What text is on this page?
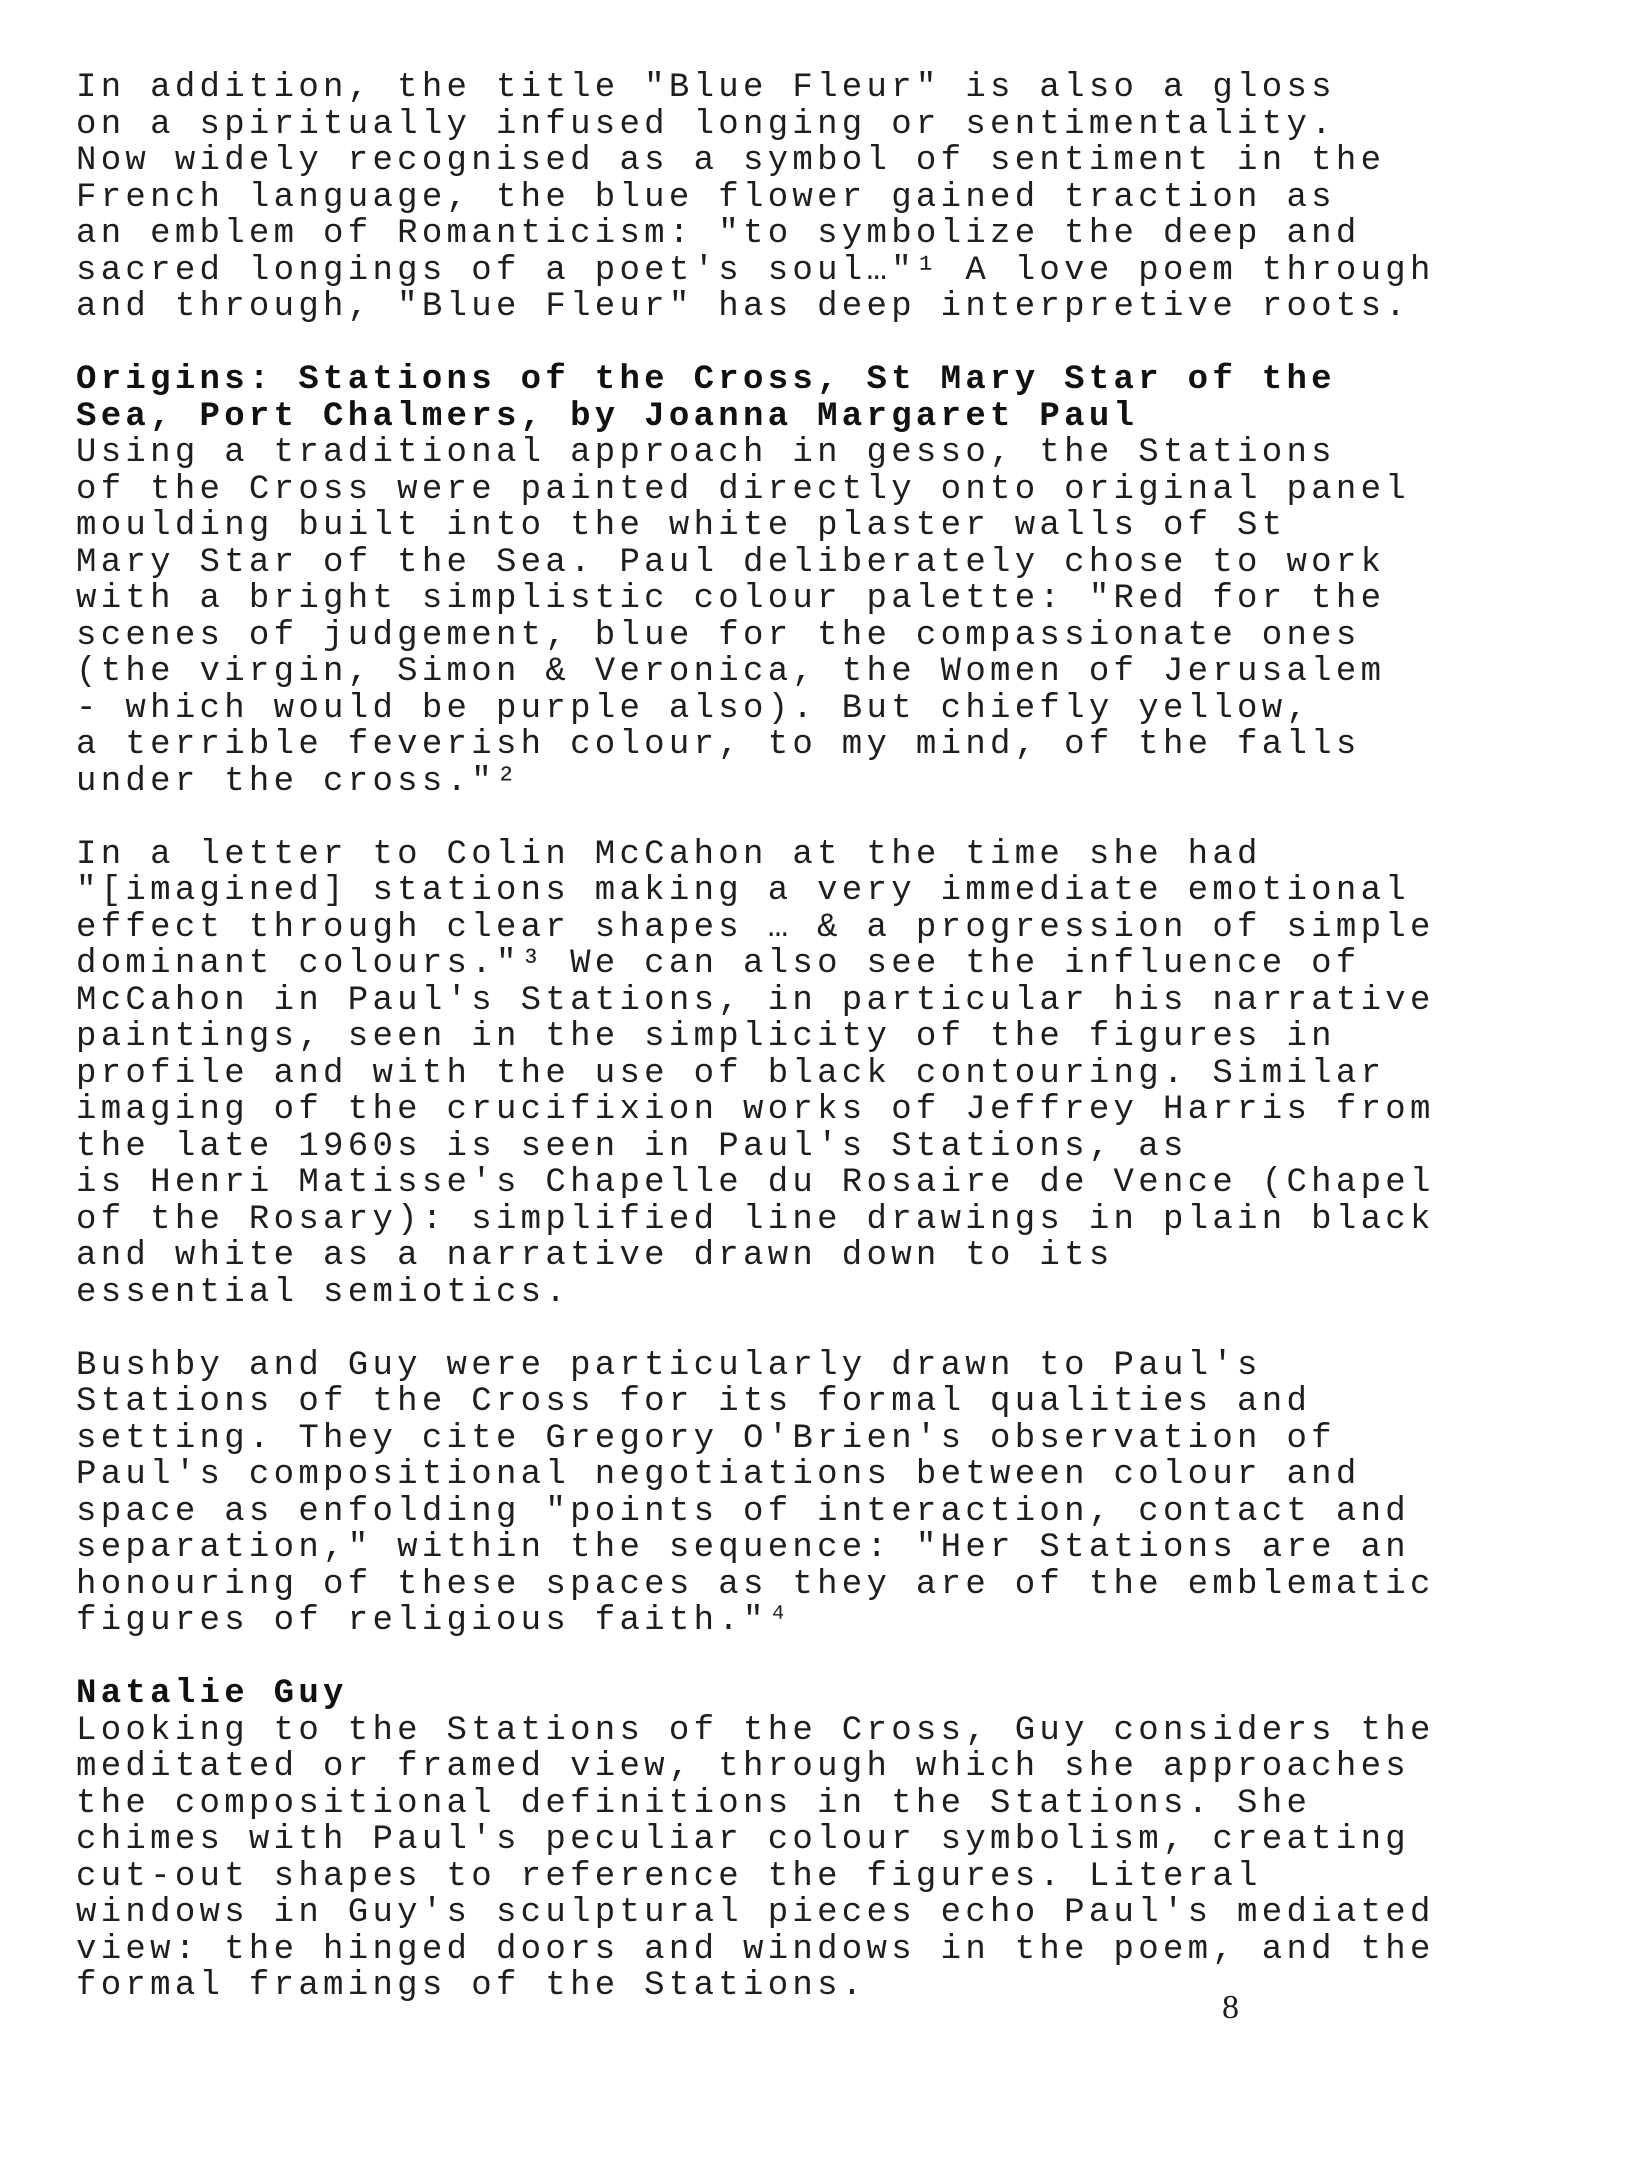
In addition, the title "Blue Fleur" is also a gloss
on a spiritually infused longing or sentimentality.
Now widely recognised as a symbol of sentiment in the
French language, the blue flower gained traction as
an emblem of Romanticism: "to symbolize the deep and
sacred longings of a poet's soul…"¹ A love poem through
and through, "Blue Fleur" has deep interpretive roots.
Origins: Stations of the Cross, St Mary Star of the
Sea, Port Chalmers, by Joanna Margaret Paul
Using a traditional approach in gesso, the Stations
of the Cross were painted directly onto original panel
moulding built into the white plaster walls of St
Mary Star of the Sea. Paul deliberately chose to work
with a bright simplistic colour palette: "Red for the
scenes of judgement, blue for the compassionate ones
(the virgin, Simon & Veronica, the Women of Jerusalem
- which would be purple also). But chiefly yellow,
a terrible feverish colour, to my mind, of the falls
under the cross."²
In a letter to Colin McCahon at the time she had
"[imagined] stations making a very immediate emotional
effect through clear shapes … & a progression of simple
dominant colours."³ We can also see the influence of
McCahon in Paul's Stations, in particular his narrative
paintings, seen in the simplicity of the figures in
profile and with the use of black contouring. Similar
imaging of the crucifixion works of Jeffrey Harris from
the late 1960s is seen in Paul's Stations, as
is Henri Matisse's Chapelle du Rosaire de Vence (Chapel
of the Rosary): simplified line drawings in plain black
and white as a narrative drawn down to its
essential semiotics.
Bushby and Guy were particularly drawn to Paul's
Stations of the Cross for its formal qualities and
setting. They cite Gregory O'Brien's observation of
Paul's compositional negotiations between colour and
space as enfolding "points of interaction, contact and
separation," within the sequence: "Her Stations are an
honouring of these spaces as they are of the emblematic
figures of religious faith."⁴
Natalie Guy
Looking to the Stations of the Cross, Guy considers the
meditated or framed view, through which she approaches
the compositional definitions in the Stations. She
chimes with Paul's peculiar colour symbolism, creating
cut-out shapes to reference the figures. Literal
windows in Guy's sculptural pieces echo Paul's mediated
view: the hinged doors and windows in the poem, and the
formal framings of the Stations.
8
